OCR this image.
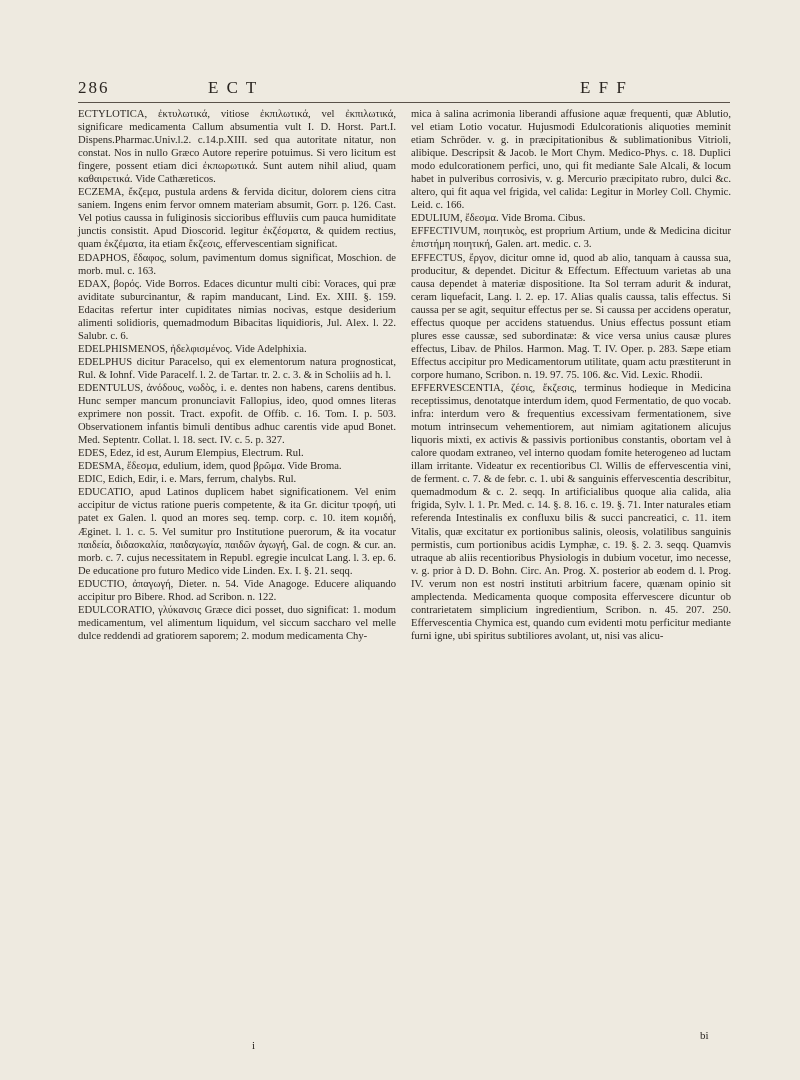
286	E C T	E F F

ECTYLOTICA, ἐκτυλωτικά, vitiose ἐκπιλωτικά, vel ἐκπιλωτικά, significare medicamenta Callum absumentia vult I. D. Horst. Part.I. Dispens.Pharmac.Univ.l.2. c.14.p.XIII. sed qua autoritate nitatur, non constat. Nos in nullo Græco Autore reperire potuimus. Si vero licitum est fingere, possent etiam dici ἐκπωρωτικά. Sunt autem nihil aliud, quam καθαιρετικά. Vide Cathæreticos.

ECZEMA, ἔκζεμα, pustula ardens & fervida dicitur, dolorem ciens citra saniem. Ingens enim fervor omnem materiam absumit, Gorr. p. 126. Cast. Vel potius caussa in fuliginosis siccioribus effluviis cum pauca humiditate junctis consistit. Apud Dioscorid. legitur ἐκζέσματα, & quidem rectius, quam ἐκζέματα, ita etiam ἔκζεσις, effervescentiam significat.

EDAPHOS, ἔδαφος, solum, pavimentum domus significat, Moschion. de morb. mul. c. 163.

EDAX, βορός. Vide Borros. Edaces dicuntur multi cibi: Voraces, qui præ aviditate suburcinantur, & rapim manducant, Lind. Ex. XIII. §. 159. Edacitas refertur inter cupiditates nimias nocivas, estque desiderium alimenti solidioris, quemadmodum Bibacitas liquidioris, Jul. Alex. l. 22. Salubr. c. 6.

EDELPHISMENOS, ἠδελφισμένος. Vide Adelphixia.

EDELPHUS dicitur Paracelso, qui ex elementorum natura prognosticat, Rul. & Iohnf. Vide Paracelf. l. 2. de Tartar. tr. 2. c. 3. & in Scholiis ad h. l.

EDENTULUS, ἀνόδους, νωδὸς, i. e. dentes non habens, carens dentibus. Hunc semper mancum pronunciavit Fallopius, ideo, quod omnes literas exprimere non possit. Tract. expofit. de Offib. c. 16. Tom. I. p. 503. Observationem infantis bimuli dentibus adhuc carentis vide apud Bonet. Med. Septentr. Collat. l. 18. sect. IV. c. 5. p. 327.

EDES, Edez, id est, Aurum Elempius, Electrum. Rul.

EDESMA, ἔδεσμα, edulium, idem, quod βρῶμα. Vide Broma.

EDIC, Edich, Edir, i. e. Mars, ferrum, chalybs. Rul.

EDUCATIO, apud Latinos duplicem habet significationem. Vel enim accipitur de victus ratione pueris competente, & ita Gr. dicitur τροφή, uti patet ex Galen. l. quod an mores seq. temp. corp. c. 10. item κομιδή, Æginet. l. 1. c. 5. Vel sumitur pro Institutione puerorum, & ita vocatur παιδεία, διδασκαλία, παιδαγωγία, παιδῶν ἀγωγή, Gal. de cogn. & cur. an. morb. c. 7. cujus necessitatem in Republ. egregie inculcat Lang. l. 3. ep. 6. De educatione pro futuro Medico vide Linden. Ex. I. §. 21. seqq.

EDUCTIO, ἀπαγωγή, Dieter. n. 54. Vide Anagoge. Educere aliquando accipitur pro Bibere. Rhod. ad Scribon. n. 122.

EDULCORATIO, γλύκανσις Græce dici posset, duo significat: 1. modum medicamentum, vel alimentum liquidum, vel siccum saccharo vel melle dulce reddendi ad gratiorem saporem; 2. modum medicamenta Chy-

mica à salina acrimonia liberandi affusione aquæ frequenti, quæ Ablutio, vel etiam Lotio vocatur. Hujusmodi Edulcorationis aliquoties meminit etiam Schröder. v. g. in præcipitationibus & sublimationibus Vitrioli, alibique. Descripsit & Jacob. le Mort Chym. Medico-Phys. c. 18. Duplici modo edulcorationem perfici, uno, qui fit mediante Sale Alcali, & locum habet in pulveribus corrosivis, v. g. Mercurio præcipitato rubro, dulci &c. altero, qui fit aqua vel frigida, vel calida: Legitur in Morley Coll. Chymic. Leid. c. 166.

EDULIUM, ἔδεσμα. Vide Broma. Cibus.

EFFECTIVUM, ποιητικὸς, est proprium Artium, unde & Medicina dicitur ἐπιστήμη ποιητική, Galen. art. medic. c. 3.

EFFECTUS, ἔργον, dicitur omne id, quod ab alio, tanquam à caussa sua, producitur, & dependet. Dicitur & Effectum. Effectuum varietas ab una causa dependet à materiæ dispositione. Ita Sol terram adurit & indurat, ceram liquefacit, Lang. l. 2. ep. 17. Alias qualis caussa, talis effectus. Si caussa per se agit, sequitur effectus per se. Si caussa per accidens operatur, effectus quoque per accidens statuendus. Unius effectus possunt etiam plures esse caussæ, sed subordinatæ: & vice versa unius causæ plures effectus, Libav. de Philos. Harmon. Mag. T. IV. Oper. p. 283. Sæpe etiam Effectus accipitur pro Medicamentorum utilitate, quam actu præstiterunt in corpore humano, Scribon. n. 19. 97. 75. 106. &c. Vid. Lexic. Rhodii.

EFFERVESCENTIA, ζέσις, ἔκζεσις, terminus hodieque in Medicina receptissimus, denotatque interdum idem, quod Fermentatio, de quo vocab. infra: interdum vero & frequentius excessivam fermentationem, sive motum intrinsecum vehementiorem, aut nimiam agitationem alicujus liquoris mixti, ex activis & passivis portionibus constantis, obortam vel à calore quodam extraneo, vel interno quodam fomite heterogeneo ad luctam illam irritante. Videatur ex recentioribus Cl. Willis de effervescentia vini, de ferment. c. 7. & de febr. c. 1. ubi & sanguinis effervescentia describitur, quemadmodum & c. 2. seqq. In artificialibus quoque alia calida, alia frigida, Sylv. l. 1. Pr. Med. c. 14. §. 8. 16. c. 19. §. 71. Inter naturales etiam referenda Intestinalis ex confluxu bilis & succi pancreatici, c. 11. item Vitalis, quæ excitatur ex portionibus salinis, oleosis, volatilibus sanguinis permistis, cum portionibus acidis Lymphæ, c. 19. §. 2. 3. seqq. Quamvis utraque ab aliis recentioribus Physiologis in dubium vocetur, imo necesse, v. g. prior à D. D. Bohn. Circ. An. Prog. X. posterior ab eodem d. l. Prog. IV. verum non est nostri instituti arbitrium facere, quænam opinio sit amplectenda. Medicamenta quoque composita effervescere dicuntur ob contrarietatem simplicium ingredientium, Scribon. n. 45. 207. 250. Effervescentia Chymica est, quando cum evidenti motu perficitur mediante furni igne, ubi spiritus subtiliores avolant, ut, nisi vas alicu-

i
bi
